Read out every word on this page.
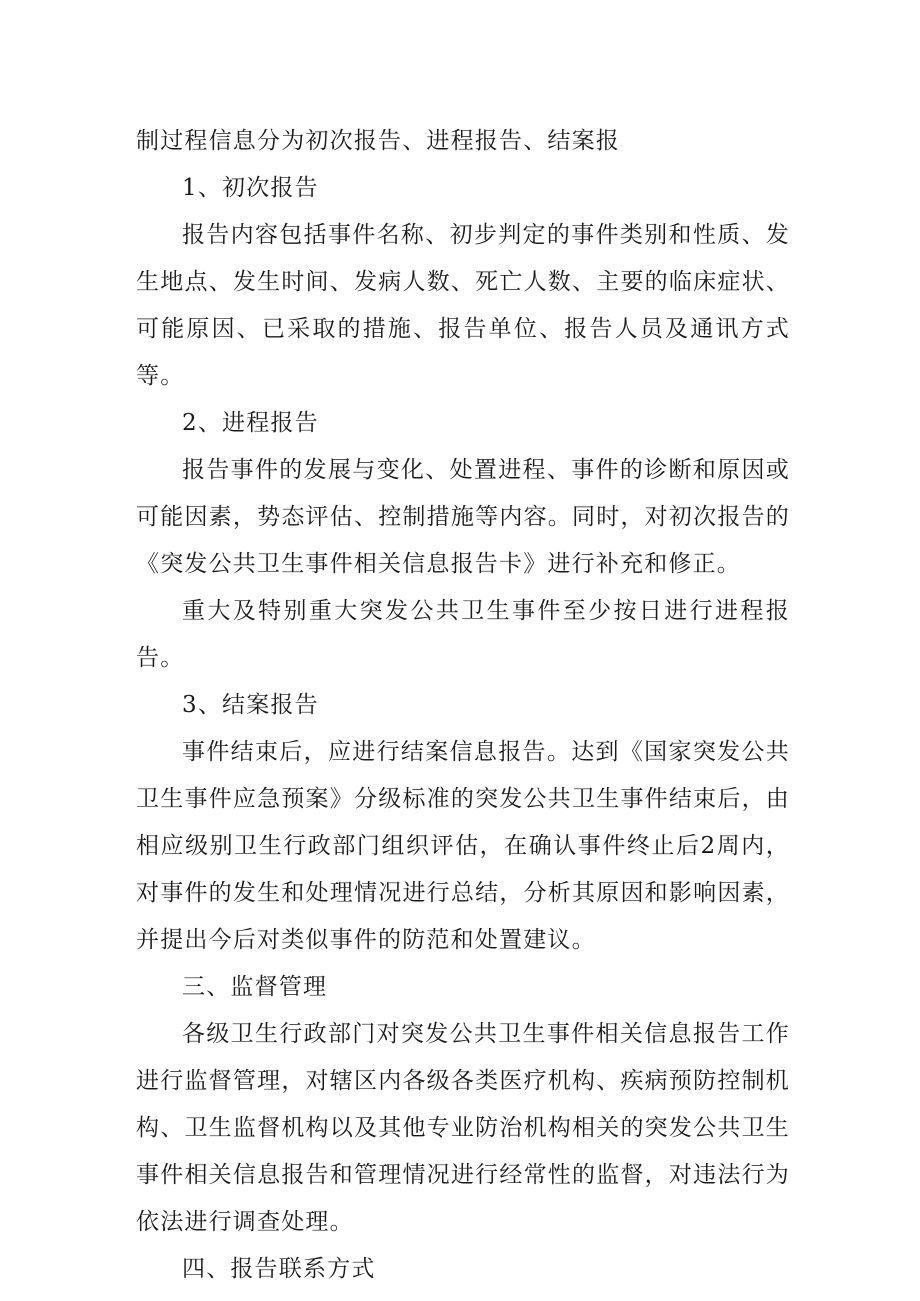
制过程信息分为初次报告、进程报告、结案报

1、初次报告

报告内容包括事件名称、初步判定的事件类别和性质、发生地点、发生时间、发病人数、死亡人数、主要的临床症状、可能原因、已采取的措施、报告单位、报告人员及通讯方式等。

2、进程报告

报告事件的发展与变化、处置进程、事件的诊断和原因或可能因素，势态评估、控制措施等内容。同时，对初次报告的《突发公共卫生事件相关信息报告卡》进行补充和修正。

重大及特别重大突发公共卫生事件至少按日进行进程报告。

3、结案报告

事件结束后，应进行结案信息报告。达到《国家突发公共卫生事件应急预案》分级标准的突发公共卫生事件结束后，由相应级别卫生行政部门组织评估，在确认事件终止后2周内，对事件的发生和处理情况进行总结，分析其原因和影响因素，并提出今后对类似事件的防范和处置建议。

三、监督管理

各级卫生行政部门对突发公共卫生事件相关信息报告工作进行监督管理，对辖区内各级各类医疗机构、疾病预防控制机构、卫生监督机构以及其他专业防治机构相关的突发公共卫生事件相关信息报告和管理情况进行经常性的监督，对违法行为依法进行调查处理。

四、报告联系方式
